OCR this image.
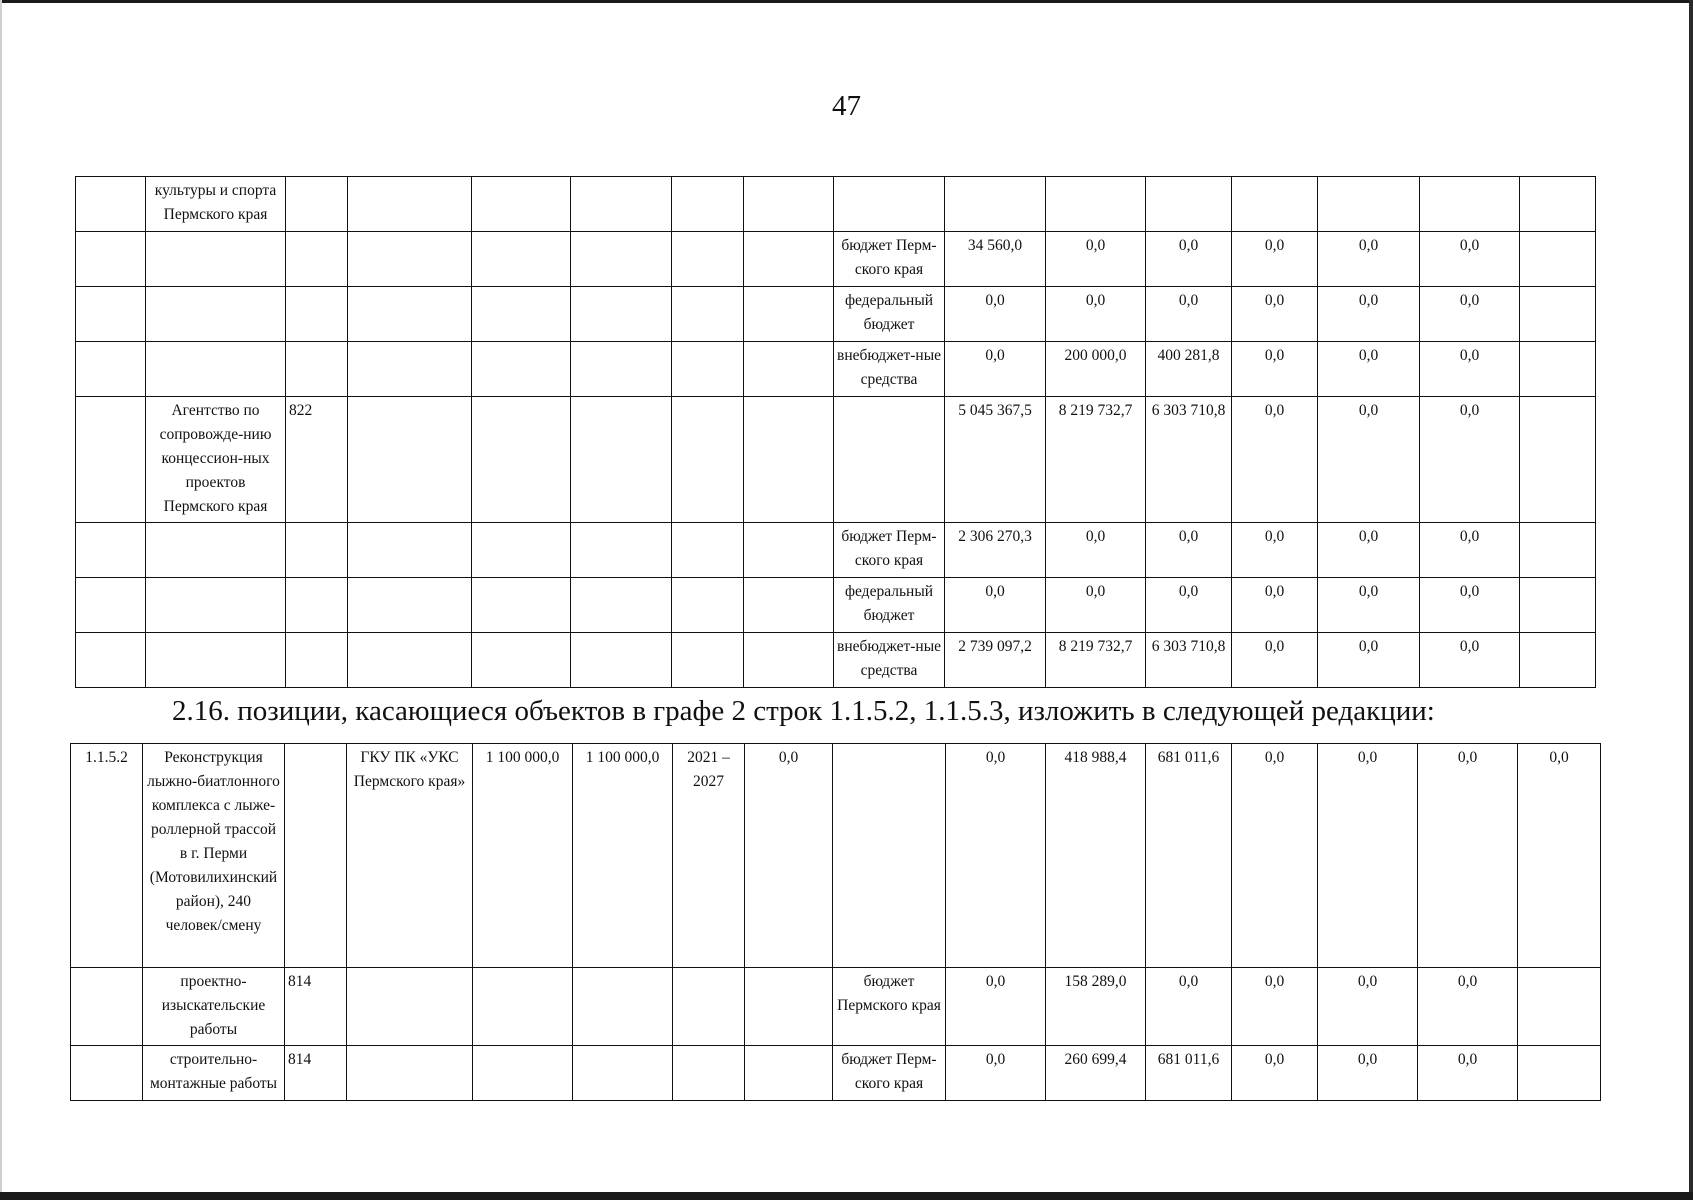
47
	культуры и спорта Пермского края														
								бюджет Перм-ского края	34 560,0	0,0	0,0	0,0	0,0	0,0	
								федеральный бюджет	0,0	0,0	0,0	0,0	0,0	0,0	
								внебюджет-ные средства	0,0	200 000,0	400 281,8	0,0	0,0	0,0	
	Агентство по сопровожде-нию концессион-ных проектов Пермского края	822							5 045 367,5	8 219 732,7	6 303 710,8	0,0	0,0	0,0	
								бюджет Перм-ского края	2 306 270,3	0,0	0,0	0,0	0,0	0,0	
								федеральный бюджет	0,0	0,0	0,0	0,0	0,0	0,0	
								внебюджет-ные средства	2 739 097,2	8 219 732,7	6 303 710,8	0,0	0,0	0,0	
2.16. позиции, касающиеся объектов в графе 2 строк 1.1.5.2, 1.1.5.3, изложить в следующей редакции:
1.1.5.2	Реконструкция лыжно-биатлонного комплекса с лыже-роллерной трассой в г. Перми (Мотовилихинский район), 240 человек/смену		ГКУ ПК «УКС Пермского края»	1 100 000,0	1 100 000,0	2021 – 2027	0,0		0,0	418 988,4	681 011,6	0,0	0,0	0,0	0,0
	проектно-изыскательские работы	814						бюджет Пермского края	0,0	158 289,0	0,0	0,0	0,0	0,0	
	строительно-монтажные работы	814						бюджет Перм-ского края	0,0	260 699,4	681 011,6	0,0	0,0	0,0	
